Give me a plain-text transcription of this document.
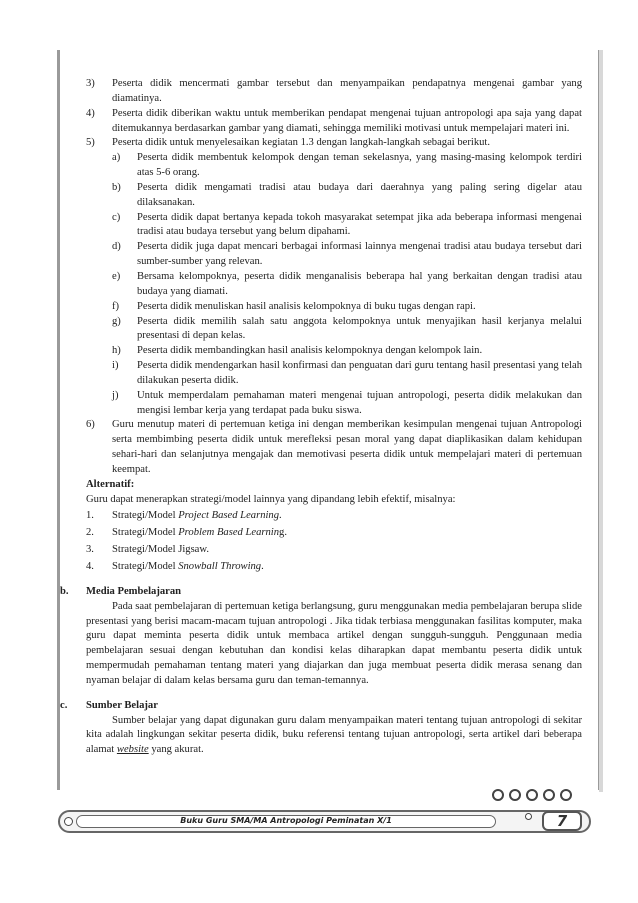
3) Peserta didik mencermati gambar tersebut dan menyampaikan pendapatnya mengenai gambar yang diamatinya.
4) Peserta didik diberikan waktu untuk memberikan pendapat mengenai tujuan antropologi apa saja yang dapat ditemukannya berdasarkan gambar yang diamati, sehingga memiliki motivasi untuk mempelajari materi ini.
5) Peserta didik untuk menyelesaikan kegiatan 1.3 dengan langkah-langkah sebagai berikut.
a) Peserta didik membentuk kelompok dengan teman sekelasnya, yang masing-masing kelompok terdiri atas 5-6 orang.
b) Peserta didik mengamati tradisi atau budaya dari daerahnya yang paling sering digelar atau dilaksanakan.
c) Peserta didik dapat bertanya kepada tokoh masyarakat setempat jika ada beberapa informasi mengenai tradisi atau budaya tersebut yang belum dipahami.
d) Peserta didik juga dapat mencari berbagai informasi lainnya mengenai tradisi atau budaya tersebut dari sumber-sumber yang relevan.
e) Bersama kelompoknya, peserta didik menganalisis beberapa hal yang berkaitan dengan tradisi atau budaya yang diamati.
f) Peserta didik menuliskan hasil analisis kelompoknya di buku tugas dengan rapi.
g) Peserta didik memilih salah satu anggota kelompoknya untuk menyajikan hasil kerjanya melalui presentasi di depan kelas.
h) Peserta didik membandingkan hasil analisis kelompoknya dengan kelompok lain.
i) Peserta didik mendengarkan hasil konfirmasi dan penguatan dari guru tentang hasil presentasi yang telah dilakukan peserta didik.
j) Untuk memperdalam pemahaman materi mengenai tujuan antropologi, peserta didik melakukan dan mengisi lembar kerja yang terdapat pada buku siswa.
6) Guru menutup materi di pertemuan ketiga ini dengan memberikan kesimpulan mengenai tujuan Antropologi serta membimbing peserta didik untuk merefleksi pesan moral yang dapat diaplikasikan dalam kehidupan sehari-hari dan selanjutnya mengajak dan memotivasi peserta didik untuk mempelajari materi di pertemuan keempat.
Alternatif:
Guru dapat menerapkan strategi/model lainnya yang dipandang lebih efektif, misalnya:
1. Strategi/Model Project Based Learning.
2. Strategi/Model Problem Based Learning.
3. Strategi/Model Jigsaw.
4. Strategi/Model Snowball Throwing.
b. Media Pembelajaran
Pada saat pembelajaran di pertemuan ketiga berlangsung, guru menggunakan media pembelajaran berupa slide presentasi yang berisi macam-macam tujuan antropologi . Jika tidak terbiasa menggunakan fasilitas komputer, maka guru dapat meminta peserta didik untuk membaca artikel dengan sungguh-sungguh. Penggunaan media pembelajaran sesuai dengan kebutuhan dan kondisi kelas diharapkan dapat membantu peserta didik untuk mempermudah pemahaman tentang materi yang diajarkan dan juga membuat peserta didik merasa senang dan nyaman belajar di dalam kelas bersama guru dan teman-temannya.
c. Sumber Belajar
Sumber belajar yang dapat digunakan guru dalam menyampaikan materi tentang tujuan antropologi di sekitar kita adalah lingkungan sekitar peserta didik, buku referensi tentang tujuan antropologi, serta artikel dari beberapa alamat website yang akurat.
Buku Guru SMA/MA Antropologi Peminatan X/1	7
